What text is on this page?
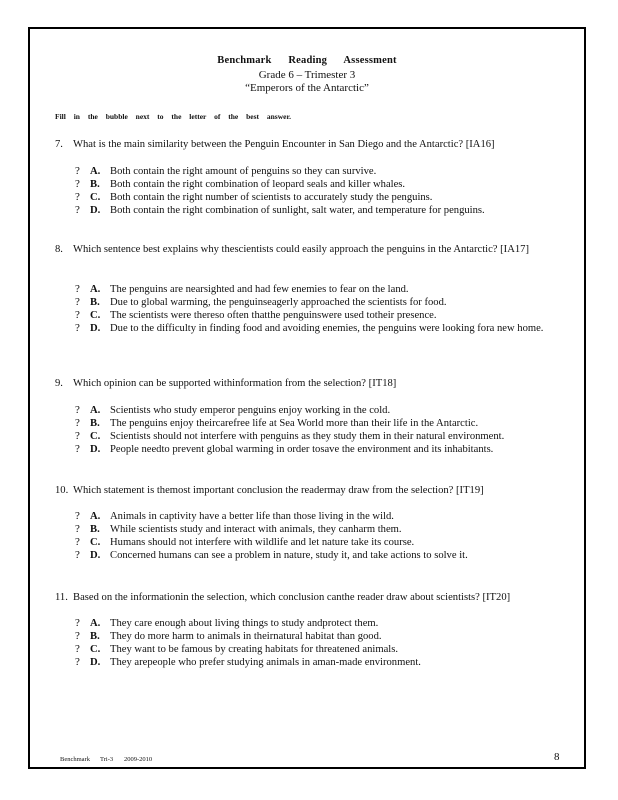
Benchmark Reading Assessment
Grade 6 – Trimester 3
“Emperors of the Antarctic”
Fill in the bubble next to the letter of the best answer.
7. What is the main similarity between the Penguin Encounter in San Diego and the Antarctic? [IA16]
? A. Both contain the right amount of penguins so they can survive.
? B. Both contain the right combination of leopard seals and killer whales.
? C. Both contain the right number of scientists to accurately study the penguins.
? D. Both contain the right combination of sunlight, salt water, and temperature for penguins.
8. Which sentence best explains why thescientists could easily approach the penguins in the Antarctic? [IA17]
? A. The penguins are nearsighted and had few enemies to fear on the land.
? B. Due to global warming, the penguinseagerly approached the scientists for food.
? C. The scientists were thereso often thatthe penguinswere used totheir presence.
? D. Due to the difficulty in finding food and avoiding enemies, the penguins were looking fora new home.
9. Which opinion can be supported withinformation from the selection? [IT18]
? A. Scientists who study emperor penguins enjoy working in the cold.
? B. The penguins enjoy theircarefree life at Sea World more than their life in the Antarctic.
? C. Scientists should not interfere with penguins as they study them in their natural environment.
? D. People needto prevent global warming in order tosave the environment and its inhabitants.
10. Which statement is themost important conclusion the readermay draw from the selection? [IT19]
? A. Animals in captivity have a better life than those living in the wild.
? B. While scientists study and interact with animals, they canharm them.
? C. Humans should not interfere with wildlife and let nature take its course.
? D. Concerned humans can see a problem in nature, study it, and take actions to solve it.
11. Based on the informationin the selection, which conclusion canthe reader draw about scientists? [IT20]
? A. They care enough about living things to study andprotect them.
? B. They do more harm to animals in theirnatural habitat than good.
? C. They want to be famous by creating habitats for threatened animals.
? D. They arepeople who prefer studying animals in aman-made environment.
Benchmark Tri-3 2009-2010	8
